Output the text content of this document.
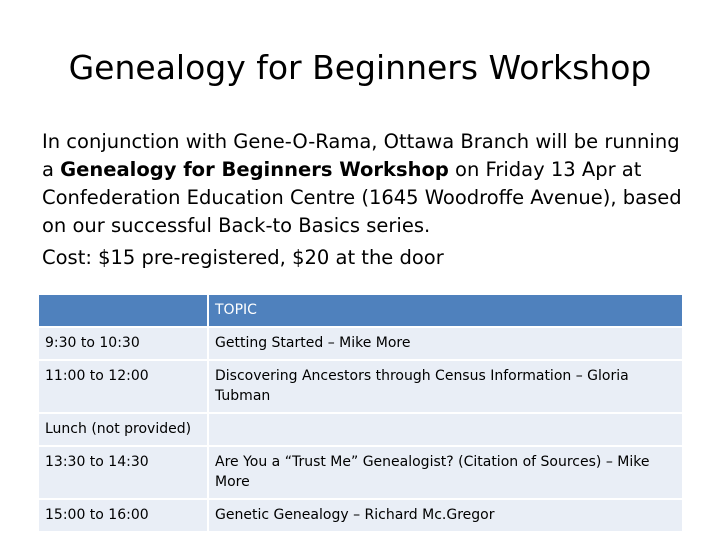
Genealogy for Beginners Workshop

In conjunction with Gene-O-Rama, Ottawa Branch will be running a Genealogy for Beginners Workshop on Friday 13 Apr at Confederation Education Centre (1645 Woodroffe Avenue), based on our successful Back-to Basics series.

Cost: $15 pre-registered, $20 at the door

	TOPIC
9:30 to 10:30	Getting Started – Mike More
11:00 to 12:00	Discovering Ancestors through Census Information – Gloria Tubman
Lunch (not provided)	
13:30 to 14:30	Are You a “Trust Me” Genealogist? (Citation of Sources) – Mike More
15:00 to 16:00	Genetic Genealogy – Richard Mc.Gregor
